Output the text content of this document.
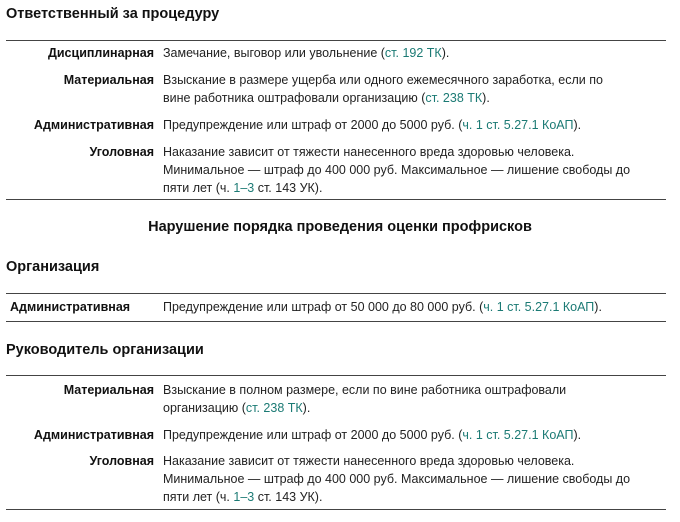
Ответственный за процедуру
Дисциплинарная Замечание, выговор или увольнение (ст. 192 ТК).
Материальная Взыскание в размере ущерба или одного ежемесячного заработка, если по вине работника оштрафовали организацию (ст. 238 ТК).
Административная Предупреждение или штраф от 2000 до 5000 руб. (ч. 1 ст. 5.27.1 КоАП).
Уголовная Наказание зависит от тяжести нанесенного вреда здоровью человека. Минимальное — штраф до 400 000 руб. Максимальное — лишение свободы до пяти лет (ч. 1–3 ст. 143 УК).
Нарушение порядка проведения оценки профрисков
Организация
Административная	Предупреждение или штраф от 50 000 до 80 000 руб. (ч. 1 ст. 5.27.1 КоАП).
Руководитель организации
Материальная Взыскание в полном размере, если по вине работника оштрафовали организацию (ст. 238 ТК).
Административная Предупреждение или штраф от 2000 до 5000 руб. (ч. 1 ст. 5.27.1 КоАП).
Уголовная Наказание зависит от тяжести нанесенного вреда здоровью человека. Минимальное — штраф до 400 000 руб. Максимальное — лишение свободы до пяти лет (ч. 1–3 ст. 143 УК).
